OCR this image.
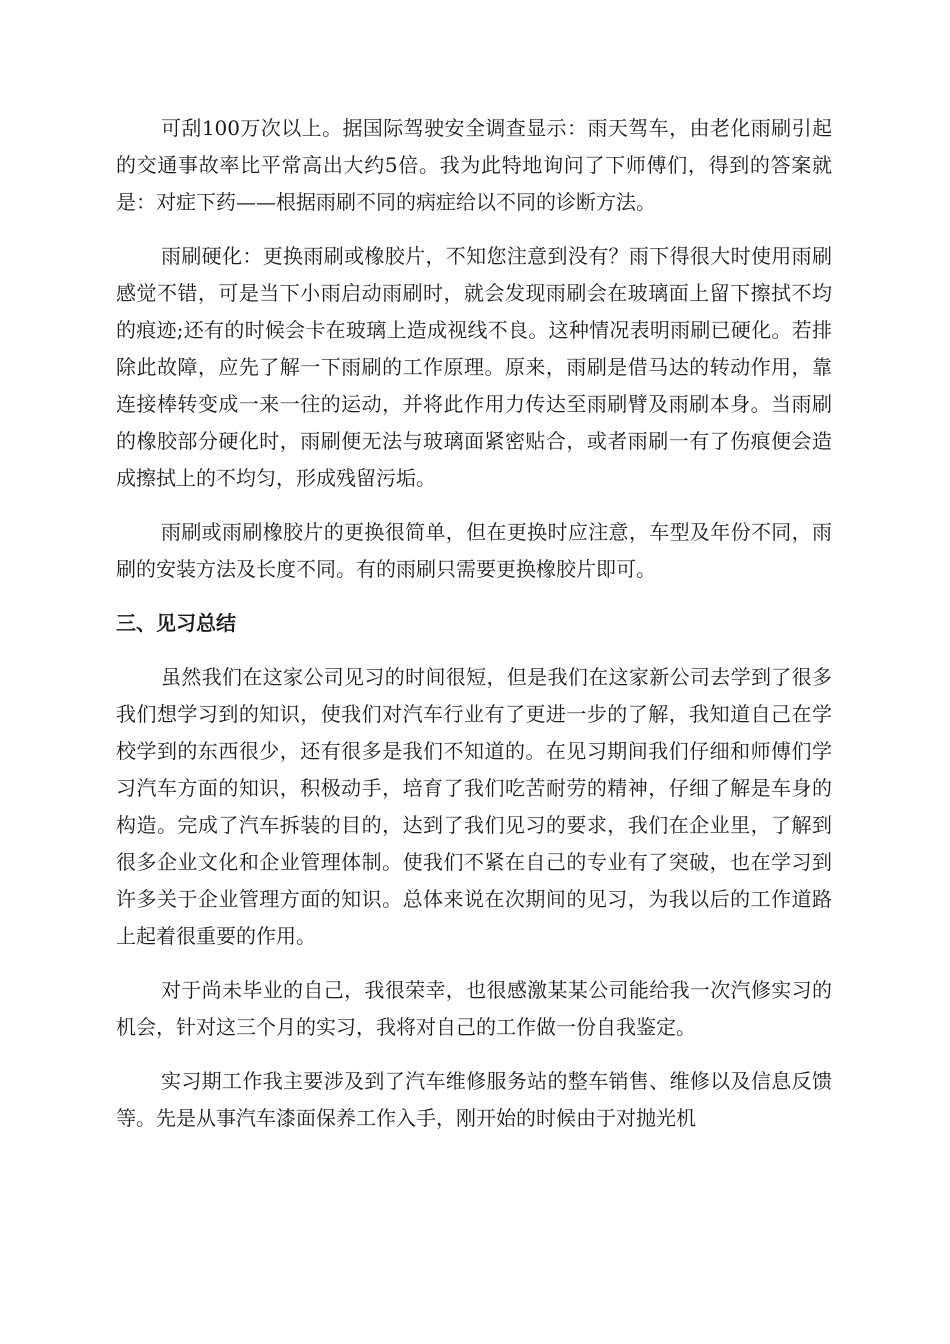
可刮100万次以上。据国际驾驶安全调查显示：雨天驾车，由老化雨刷引起的交通事故率比平常高出大约5倍。我为此特地询问了下师傅们，得到的答案就是：对症下药——根据雨刷不同的病症给以不同的诊断方法。

雨刷硬化：更换雨刷或橡胶片，不知您注意到没有？雨下得很大时使用雨刷感觉不错，可是当下小雨启动雨刷时，就会发现雨刷会在玻璃面上留下擦拭不均的痕迹;还有的时候会卡在玻璃上造成视线不良。这种情况表明雨刷已硬化。若排除此故障，应先了解一下雨刷的工作原理。原来，雨刷是借马达的转动作用，靠连接棒转变成一来一往的运动，并将此作用力传达至雨刷臂及雨刷本身。当雨刷的橡胶部分硬化时，雨刷便无法与玻璃面紧密贴合，或者雨刷一有了伤痕便会造成擦拭上的不均匀，形成残留污垢。

雨刷或雨刷橡胶片的更换很简单，但在更换时应注意，车型及年份不同，雨刷的安装方法及长度不同。有的雨刷只需要更换橡胶片即可。

三、见习总结

虽然我们在这家公司见习的时间很短，但是我们在这家新公司去学到了很多我们想学习到的知识，使我们对汽车行业有了更进一步的了解，我知道自己在学校学到的东西很少，还有很多是我们不知道的。在见习期间我们仔细和师傅们学习汽车方面的知识，积极动手，培育了我们吃苦耐劳的精神，仔细了解是车身的构造。完成了汽车拆装的目的，达到了我们见习的要求，我们在企业里，了解到很多企业文化和企业管理体制。使我们不紧在自己的专业有了突破，也在学习到许多关于企业管理方面的知识。总体来说在次期间的见习，为我以后的工作道路上起着很重要的作用。

对于尚未毕业的自己，我很荣幸，也很感激某某公司能给我一次汽修实习的机会，针对这三个月的实习，我将对自己的工作做一份自我鉴定。

实习期工作我主要涉及到了汽车维修服务站的整车销售、维修以及信息反馈等。先是从事汽车漆面保养工作入手，刚开始的时候由于对抛光机
